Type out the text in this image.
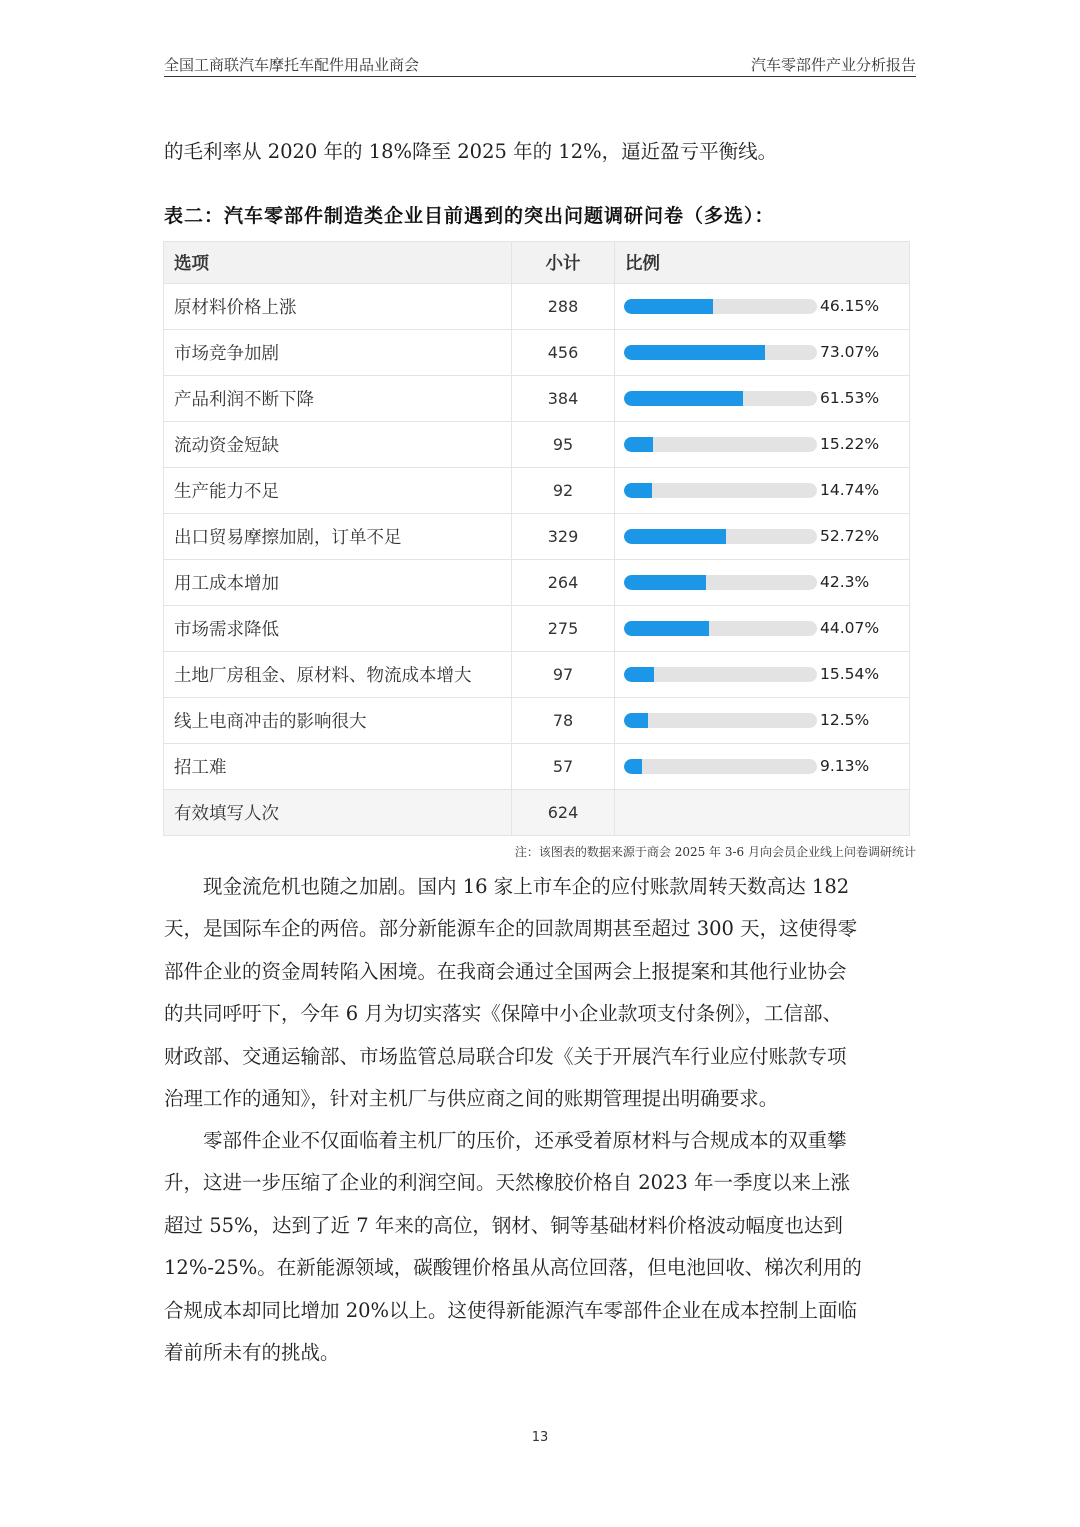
全国工商联汽车摩托车配件用品业商会	汽车零部件产业分析报告

的毛利率从 2020 年的 18%降至 2025 年的 12%，逼近盈亏平衡线。

表二：汽车零部件制造类企业目前遇到的突出问题调研问卷（多选）：
选项	小计	比例
原材料价格上涨	288	46.15%

市场竞争加剧	456	73.07%

产品利润不断下降	384	61.53%

流动资金短缺	95	15.22%

生产能力不足	92	14.74%

出口贸易摩擦加剧，订单不足	329	52.72%

用工成本增加	264	42.3%

市场需求降低	275	44.07%

土地厂房租金、原材料、物流成本增大	97	15.54%

线上电商冲击的影响很大	78	12.5%

招工难	57	9.13%

有效填写人次	624	
注：该图表的数据来源于商会 2025 年 3-6 月向会员企业线上问卷调研统计
现金流危机也随之加剧。国内 16 家上市车企的应付账款周转天数高达 182
天，是国际车企的两倍。部分新能源车企的回款周期甚至超过 300 天，这使得零
部件企业的资金周转陷入困境。在我商会通过全国两会上报提案和其他行业协会
的共同呼吁下，今年 6 月为切实落实《保障中小企业款项支付条例》，工信部、
财政部、交通运输部、市场监管总局联合印发《关于开展汽车行业应付账款专项
治理工作的通知》，针对主机厂与供应商之间的账期管理提出明确要求。
零部件企业不仅面临着主机厂的压价，还承受着原材料与合规成本的双重攀
升，这进一步压缩了企业的利润空间。天然橡胶价格自 2023 年一季度以来上涨
超过 55%，达到了近 7 年来的高位，钢材、铜等基础材料价格波动幅度也达到
12%-25%。在新能源领域，碳酸锂价格虽从高位回落，但电池回收、梯次利用的
合规成本却同比增加 20%以上。这使得新能源汽车零部件企业在成本控制上面临
着前所未有的挑战。
13
